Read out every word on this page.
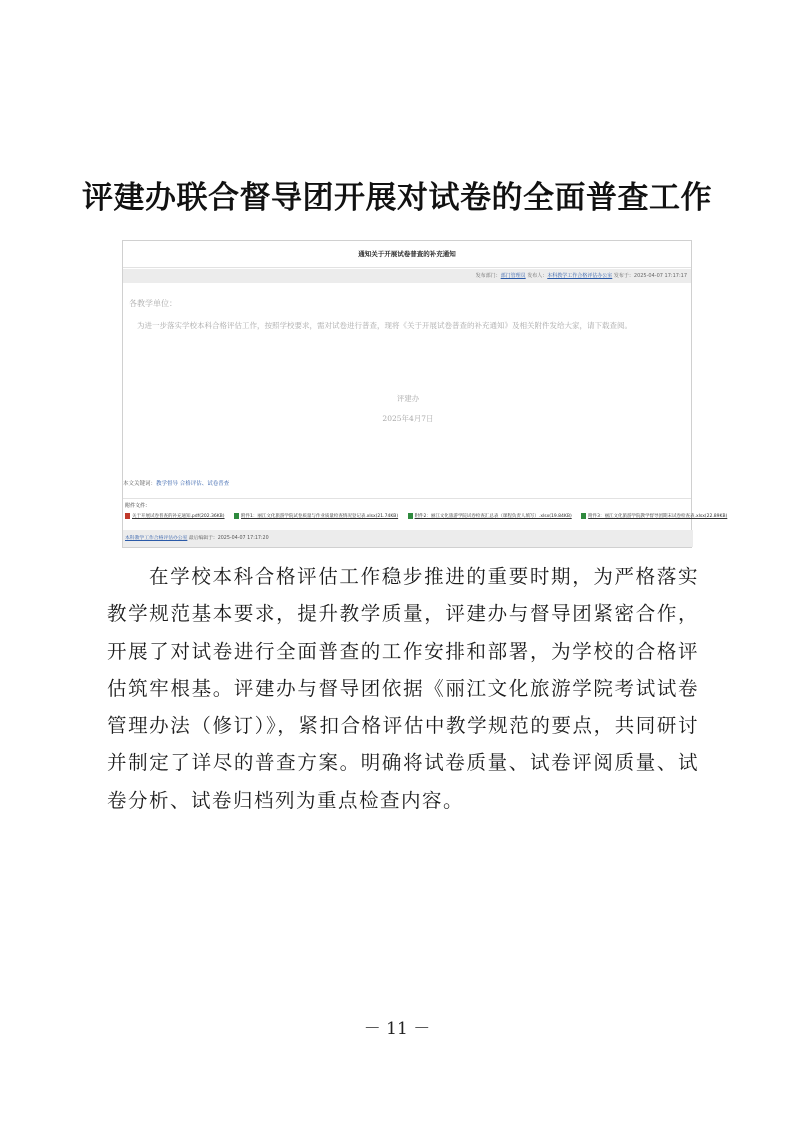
评建办联合督导团开展对试卷的全面普查工作
通知关于开展试卷普查的补充通知
发布部门：部门管理员 发布人：本科教学工作合格评估办公室 发布于：2025-04-07 17:17:17
各教学单位：
为进一步落实学校本科合格评估工作，按照学校要求，需对试卷进行普查，现将《关于开展试卷普查的补充通知》及相关附件发给大家，请下载查阅。
评建办
2025年4月7日
本文关键词：教学督导 合格评估、试卷普查
附件文件：
关于开展试卷普查的补充通知.pdf(202.36KB)
	附件1：丽江文化旅游学院试卷质量与作业质量检查情况登记表.xlsx(21.74KB)
	附件2：丽江文化旅游学院试卷检查汇总表（课程负责人填写）.xlsx(19.84KB)
	附件3：丽江文化旅游学院教学督导团期末试卷检查表.xlsx(22.89KB)
本科教学工作合格评估办公室 最后编辑于：2025-04-07 17:17:20

在学校本科合格评估工作稳步推进的重要时期，为严格落实教学规范基本要求，提升教学质量，评建办与督导团紧密合作，开展了对试卷进行全面普查的工作安排和部署，为学校的合格评估筑牢根基。评建办与督导团依据《丽江文化旅游学院考试试卷管理办法（修订）》，紧扣合格评估中教学规范的要点，共同研讨并制定了详尽的普查方案。明确将试卷质量、试卷评阅质量、试卷分析、试卷归档列为重点检查内容。

－ 11 －
